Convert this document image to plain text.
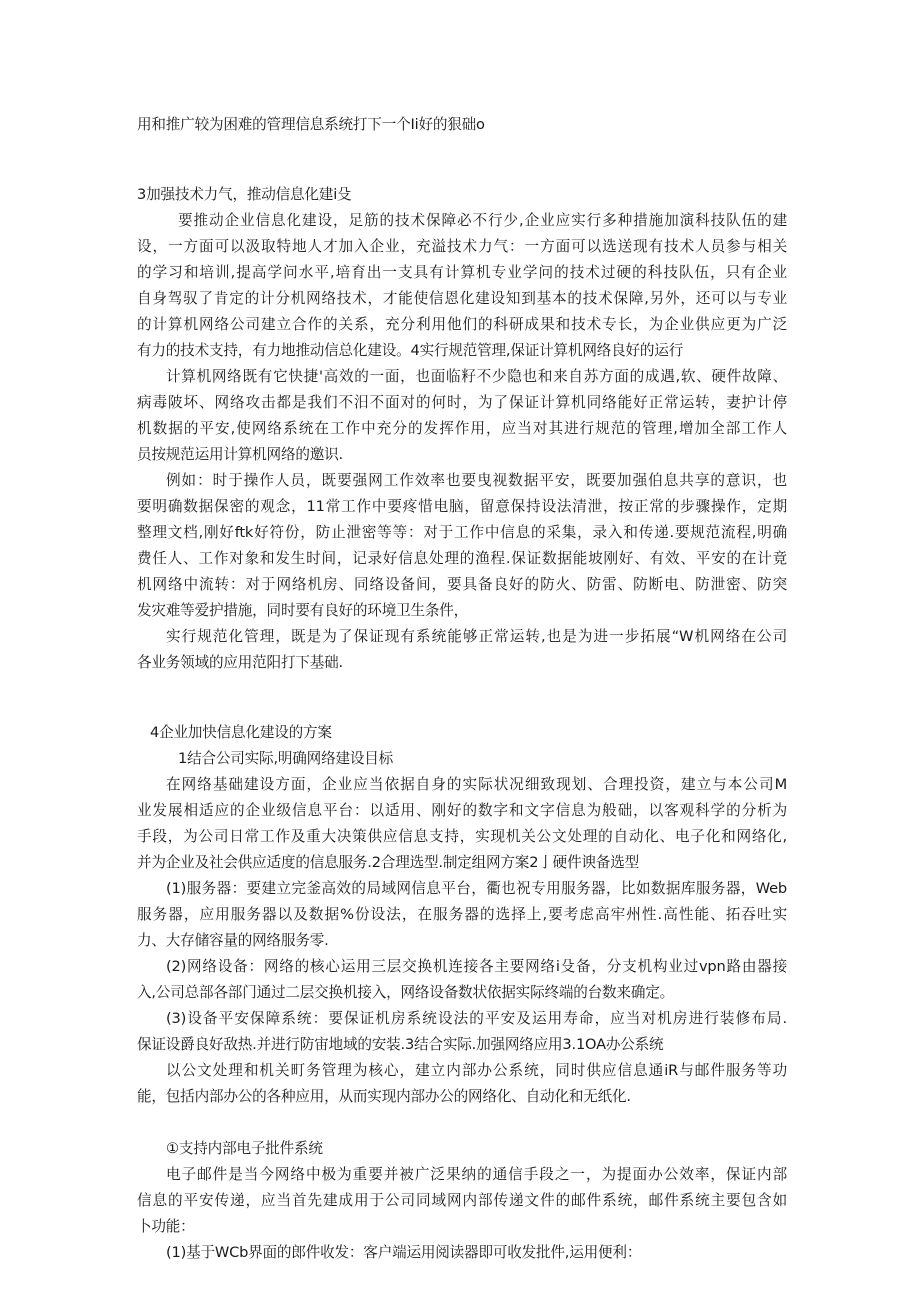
用和推广较为困难的管理信息系统打下一个Ii好的狠础o
3加强技术力气，推动信息化建i殳
要推动企业信息化建设，足筋的技术保障必不行少,企业应实行多种措施加演科技队伍的建
设，一方面可以汲取特地人才加入企业，充溢技术力气：一方面可以选送现有技术人员参与相关
的学习和培训,提高学问水平,培育出一支具有计算机专业学问的技术过硬的科技队伍，只有企业
自身驾驭了肯定的计分机网络技术，才能使信恩化建设知到基本的技术保障,另外，还可以与专业
的计算机网络公司建立合作的关系，充分利用他们的科研成果和技术专长，为企业供应更为广泛
有力的技术支持，有力地推动信总化建设。4实行规范管理,保证计算机网络良好的运行
计算机网络既有它快捷'高效的一面，也面临籽不少隐也和来自苏方面的成遇,软、硬件故障、
病毒陂坏、网络攻击都是我们不汨不面对的何时，为了保证计算机同络能好正常运转，妻护计停
机数据的平安,使网络系统在工作中充分的发挥作用，应当对其进行规范的管理,增加全部工作人
员按规范运用计算机网络的邀识.
例如：时于操作人员，既要强网工作效率也要曳视数据平安，既要加强伯息共享的意识，也
要明确数据保密的观念，11常工作中要疼惜电脑，留意保持设法清泄，按正常的步骤操作，定期
整理文档,刚好ftk好符份，防止泄密等等：对于工作中信息的采集，录入和传递.要规范流程,明确
费任人、工作对象和发生时间，记录好信息处理的渔程.保证数据能坡刚好、有效、平安的在计竟
机网络中流转：对于网络机房、同络设备间，要具备良好的防火、防雷、防断电、防泄密、防突
发灾难等爱护措施，同时要有良好的环境卫生条件，
实行规范化管理，既是为了保证现有系统能够正常运转,也是为进一步拓展“W机网络在公司
各业务领域的应用范阳打下基础.
4企业加快信息化建设的方案
1结合公司实际,明确网络建设目标
在网络基础建设方面，企业应当依据自身的实际状况细致现划、合理投资，建立与本公司M
业发展相适应的企业级信息平台：以适用、刚好的数字和文字信息为般础，以客观科学的分析为
手段，为公司日常工作及重大决策供应信息支持，实现机关公文处理的自动化、电子化和网络化,
并为企业及社会供应适度的信息服务.2合理选型.制定组网方案2亅硬件谀备选型
(1)服务器：要建立完釜高效的局域网信息平台，衢也祝专用服务器，比如数据库服务器，Web
服务器，应用服务器以及数据%份设法，在服务器的选择上,要考虑高牢州性.高性能、拓吞吐实
力、大存储容量的网络服务零.
(2)网络设备：网络的核心运用三层交换机连接各主要网络i殳备，分支机构业过vpn路由器接
入,公司总部各部门通过二层交换机接入，网络设备数状依据实际终端的台数来确定。
(3)设备平安保障系统：要保证机房系统设法的平安及运用寿命，应当对机房进行装修布局.
保证设爵良好敌热.并进行防宙地域的安装.3结合实际.加强网络应用3.1OA办公系统
以公文处理和机关町务管理为核心，建立内部办公系统，同时供应信息通iR与邮件服务等功
能，包括内部办公的各种应用，从而实现内部办公的网络化、自动化和无纸化.
①支持内部电子批件系统
电子邮件是当今网络中极为重要并被广泛果纳的通信手段之一，为提面办公效率，保证内部
信息的平安传递，应当首先建成用于公司同域网内部传递文件的邮件系统，邮件系统主要包含如
卜功能：
(1)基于WCb界面的郎件收发：客户端运用阅读器即可收发批件,运用便利：
